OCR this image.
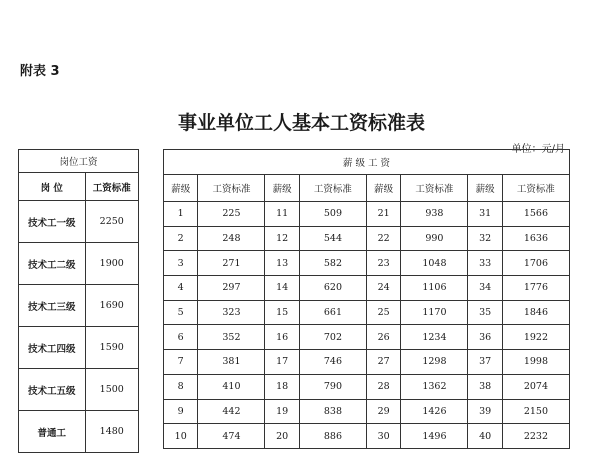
附表 3
事业单位工人基本工资标准表
单位：元/月
岗位工资	
岗 位	工资标准
技术工一级	2250
技术工二级	1900
技术工三级	1690
技术工四级	1590
技术工五级	1500
普通工	1480
薪 级 工 资							
薪级	工资标准	薪级	工资标准	薪级	工资标准	薪级	工资标准
1	225	11	509	21	938	31	1566
2	248	12	544	22	990	32	1636
3	271	13	582	23	1048	33	1706
4	297	14	620	24	1106	34	1776
5	323	15	661	25	1170	35	1846
6	352	16	702	26	1234	36	1922
7	381	17	746	27	1298	37	1998
8	410	18	790	28	1362	38	2074
9	442	19	838	29	1426	39	2150
10	474	20	886	30	1496	40	2232
